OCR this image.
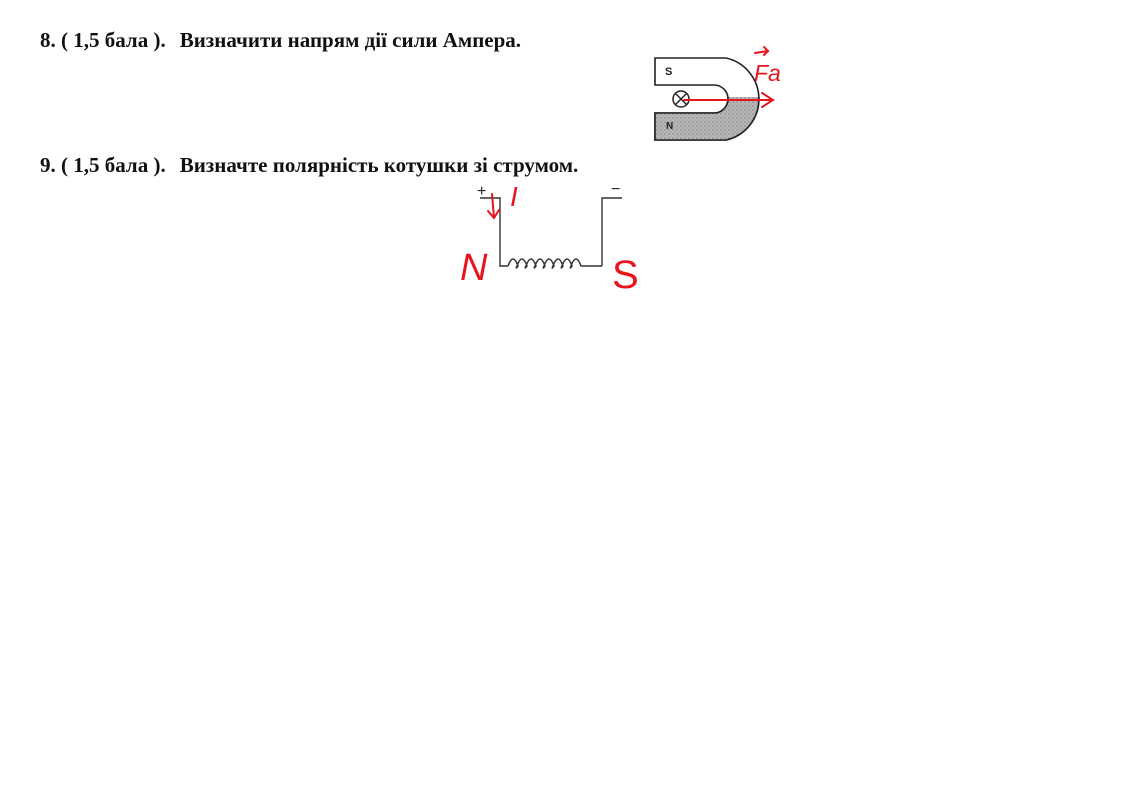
8. ( 1,5 бала ). Визначити напрям дії сили Ампера.
S
N
Fa
9. ( 1,5 бала ). Визначте полярність котушки зі струмом.
+	−
I
N	S
